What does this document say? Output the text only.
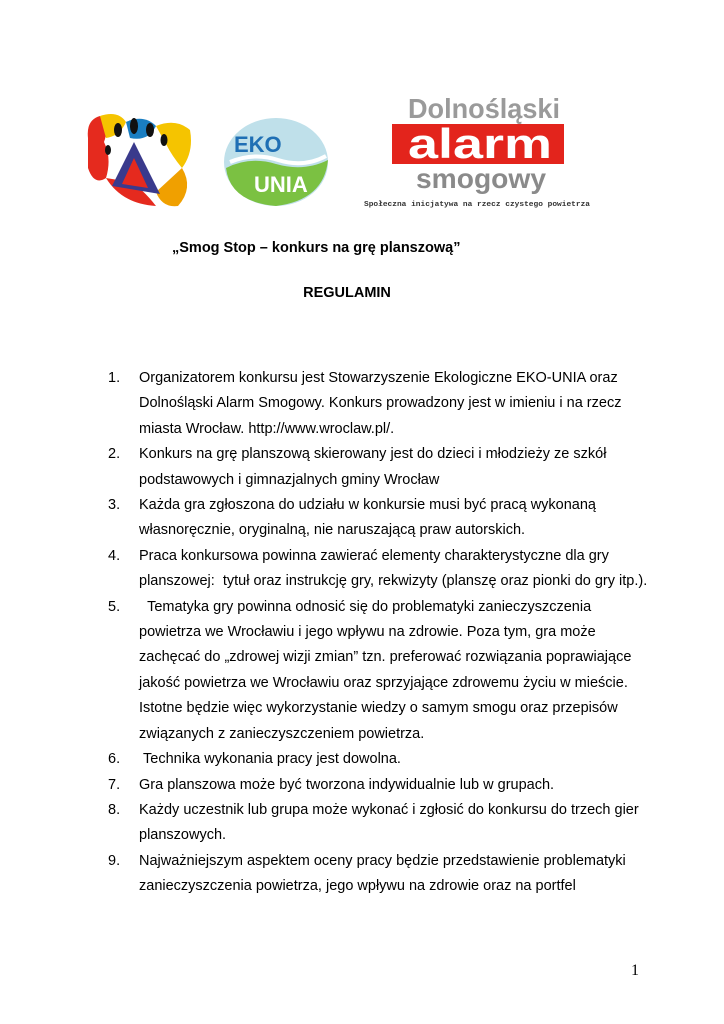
EKO
UNIA
Dolnośląski
alarm
smogowy
Społeczna inicjatywa na rzecz czystego powietrza
„Smog Stop – konkurs na grę planszową”
REGULAMIN
1. Organizatorem konkursu jest Stowarzyszenie Ekologiczne EKO-UNIA oraz Dolnośląski Alarm Smogowy. Konkurs prowadzony jest w imieniu i na rzecz miasta Wrocław. http://www.wroclaw.pl/.
2. Konkurs na grę planszową skierowany jest do dzieci i młodzieży ze szkół podstawowych i gimnazjalnych gminy Wrocław
3. Każda gra zgłoszona do udziału w konkursie musi być pracą wykonaną własnoręcznie, oryginalną, nie naruszającą praw autorskich.
4. Praca konkursowa powinna zawierać elementy charakterystyczne dla gry planszowej:  tytuł oraz instrukcję gry, rekwizyty (planszę oraz pionki do gry itp.).
5. Tematyka gry powinna odnosić się do problematyki zanieczyszczenia powietrza we Wrocławiu i jego wpływu na zdrowie. Poza tym, gra może zachęcać do „zdrowej wizji zmian” tzn. preferować rozwiązania poprawiające jakość powietrza we Wrocławiu oraz sprzyjające zdrowemu życiu w mieście. Istotne będzie więc wykorzystanie wiedzy o samym smogu oraz przepisów związanych z zanieczyszczeniem powietrza.
6. Technika wykonania pracy jest dowolna.
7. Gra planszowa może być tworzona indywidualnie lub w grupach.
8. Każdy uczestnik lub grupa może wykonać i zgłosić do konkursu do trzech gier planszowych.
9. Najważniejszym aspektem oceny pracy będzie przedstawienie problematyki zanieczyszczenia powietrza, jego wpływu na zdrowie oraz na portfel
1
